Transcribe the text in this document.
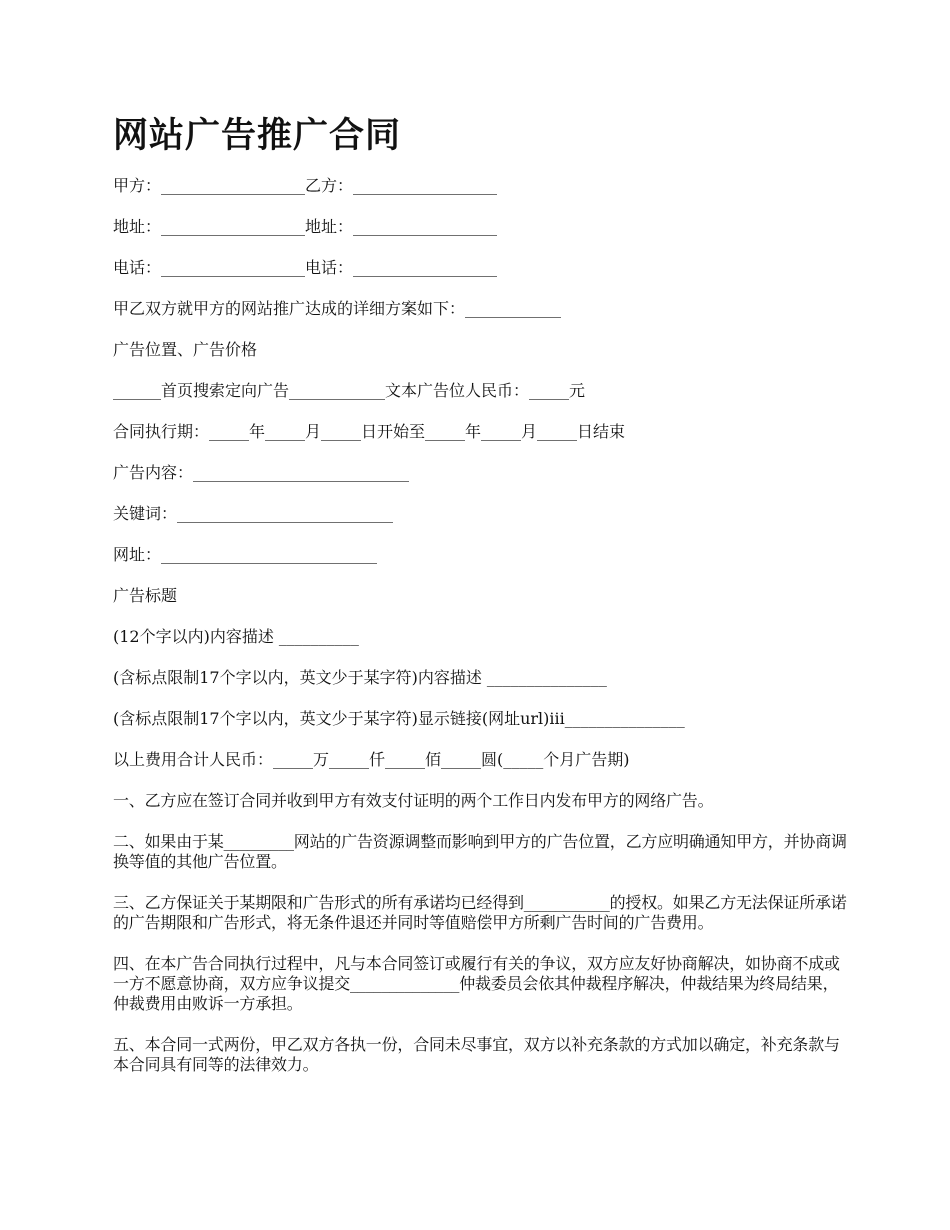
网站广告推广合同

甲方：__________________乙方：__________________

地址：__________________地址：__________________

电话：__________________电话：__________________

甲乙双方就甲方的网站推广达成的详细方案如下：____________

广告位置、广告价格

______首页搜索定向广告____________文本广告位人民币：_____元

合同执行期：_____年_____月_____日开始至_____年_____月_____日结束

广告内容：___________________________

关键词：___________________________

网址：___________________________

广告标题

(12个字以内)内容描述 __________

(含标点限制17个字以内，英文少于某字符)内容描述 _______________

(含标点限制17个字以内，英文少于某字符)显示链接(网址url)iii_______________

以上费用合计人民币：_____万_____仟_____佰_____圆(_____个月广告期)

一、乙方应在签订合同并收到甲方有效支付证明的两个工作日内发布甲方的网络广告。

二、如果由于某_________网站的广告资源调整而影响到甲方的广告位置，乙方应明确通知甲方，并协商调换等值的其他广告位置。

三、乙方保证关于某期限和广告形式的所有承诺均已经得到___________的授权。如果乙方无法保证所承诺的广告期限和广告形式，将无条件退还并同时等值赔偿甲方所剩广告时间的广告费用。

四、在本广告合同执行过程中，凡与本合同签订或履行有关的争议，双方应友好协商解决，如协商不成或一方不愿意协商，双方应争议提交______________仲裁委员会依其仲裁程序解决，仲裁结果为终局结果，仲裁费用由败诉一方承担。

五、本合同一式两份，甲乙双方各执一份，合同未尽事宜，双方以补充条款的方式加以确定，补充条款与本合同具有同等的法律效力。
